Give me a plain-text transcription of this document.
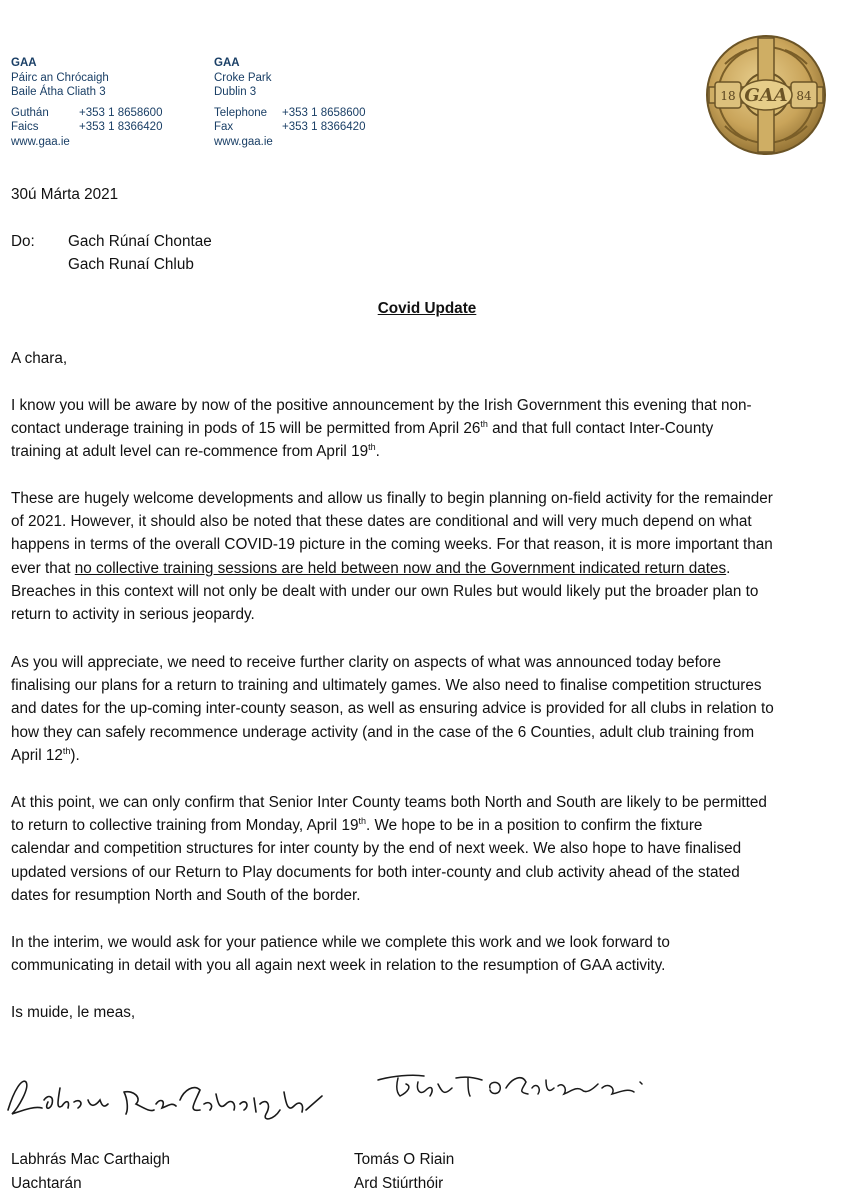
GAA
Páirc an Chrócaigh
Baile Átha Cliath 3
Guthán	+353 1 8658600
Faics	+353 1 8366420
www.gaa.ie
GAA
Croke Park
Dublin 3
Telephone	+353 1 8658600
Fax	+353 1 8366420
www.gaa.ie
GAA
18	84
30ú Márta 2021
Do: Gach Rúnaí Chontae
Gach Runaí Chlub
Covid Update
A chara,
I know you will be aware by now of the positive announcement by the Irish Government this evening that non-
contact underage training in pods of 15 will be permitted from April 26th and that full contact Inter-County
training at adult level can re-commence from April 19th.
These are hugely welcome developments and allow us finally to begin planning on-field activity for the remainder
of 2021. However, it should also be noted that these dates are conditional and will very much depend on what
happens in terms of the overall COVID-19 picture in the coming weeks. For that reason, it is more important than
ever that no collective training sessions are held between now and the Government indicated return dates.
Breaches in this context will not only be dealt with under our own Rules but would likely put the broader plan to
return to activity in serious jeopardy.
As you will appreciate, we need to receive further clarity on aspects of what was announced today before
finalising our plans for a return to training and ultimately games. We also need to finalise competition structures
and dates for the up-coming inter-county season, as well as ensuring advice is provided for all clubs in relation to
how they can safely recommence underage activity (and in the case of the 6 Counties, adult club training from
April 12th).
At this point, we can only confirm that Senior Inter County teams both North and South are likely to be permitted
to return to collective training from Monday, April 19th. We hope to be in a position to confirm the fixture
calendar and competition structures for inter county by the end of next week. We also hope to have finalised
updated versions of our Return to Play documents for both inter-county and club activity ahead of the stated
dates for resumption North and South of the border.
In the interim, we would ask for your patience while we complete this work and we look forward to
communicating in detail with you all again next week in relation to the resumption of GAA activity.
Is muide, le meas,
Labhrás Mac Carthaigh
Uachtarán
Tomás O Riain
Ard Stiúrthóir
